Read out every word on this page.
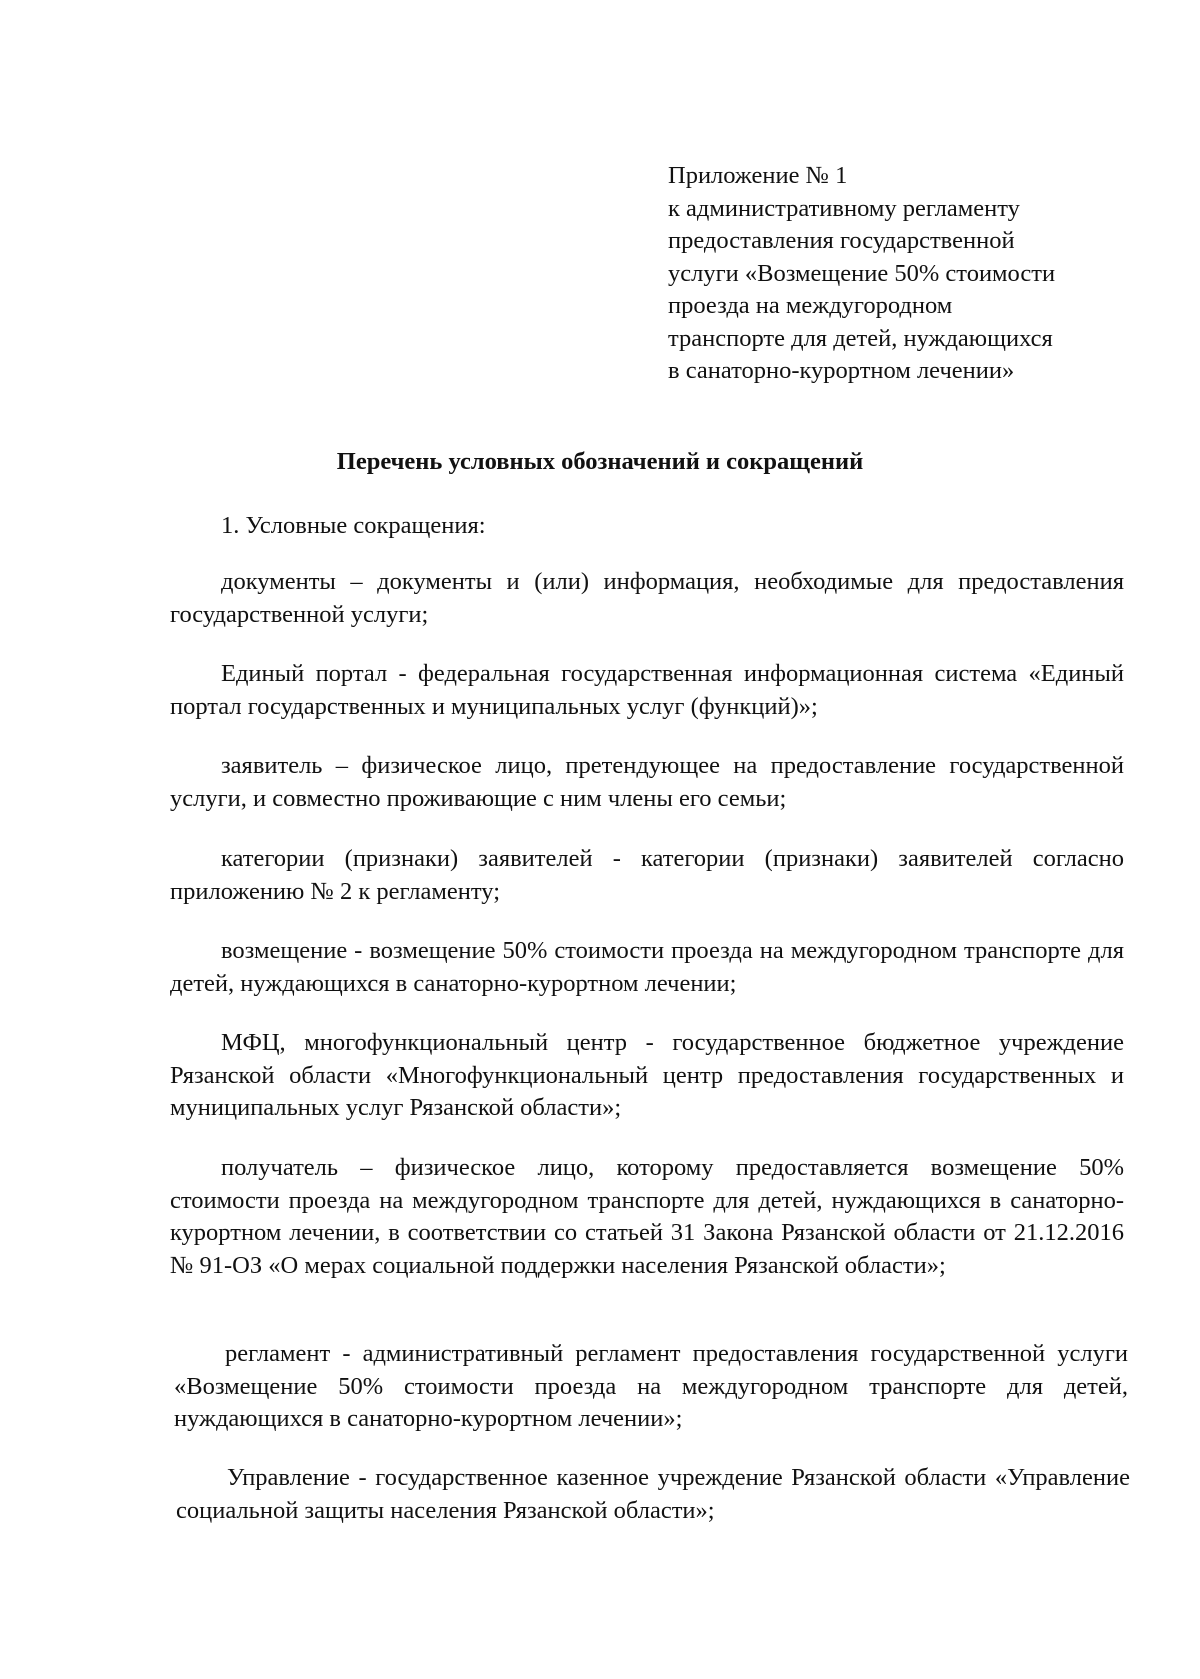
Приложение № 1
к административному регламенту
предоставления государственной
услуги «Возмещение 50% стоимости
проезда на междугородном
транспорте для детей, нуждающихся
в санаторно-курортном лечении»
Перечень условных обозначений и сокращений
1. Условные сокращения:
документы – документы и (или) информация, необходимые для предоставления государственной услуги;
Единый портал - федеральная государственная информационная система «Единый портал государственных и муниципальных услуг (функций)»;
заявитель – физическое лицо, претендующее на предоставление государственной услуги, и совместно проживающие с ним члены его семьи;
категории (признаки) заявителей - категории (признаки) заявителей согласно приложению № 2 к регламенту;
возмещение - возмещение 50% стоимости проезда на междугородном транспорте для детей, нуждающихся в санаторно-курортном лечении;
МФЦ, многофункциональный центр - государственное бюджетное учреждение Рязанской области «Многофункциональный центр предоставления государственных и муниципальных услуг Рязанской области»;
получатель – физическое лицо, которому предоставляется возмещение 50% стоимости проезда на междугородном транспорте для детей, нуждающихся в санаторно-курортном лечении, в соответствии со статьей 31 Закона Рязанской области от 21.12.2016 № 91-ОЗ «О мерах социальной поддержки населения Рязанской области»;
регламент - административный регламент предоставления государственной услуги «Возмещение 50% стоимости проезда на междугородном транспорте для детей, нуждающихся в санаторно-курортном лечении»;
Управление - государственное казенное учреждение Рязанской области «Управление социальной защиты населения Рязанской области»;
